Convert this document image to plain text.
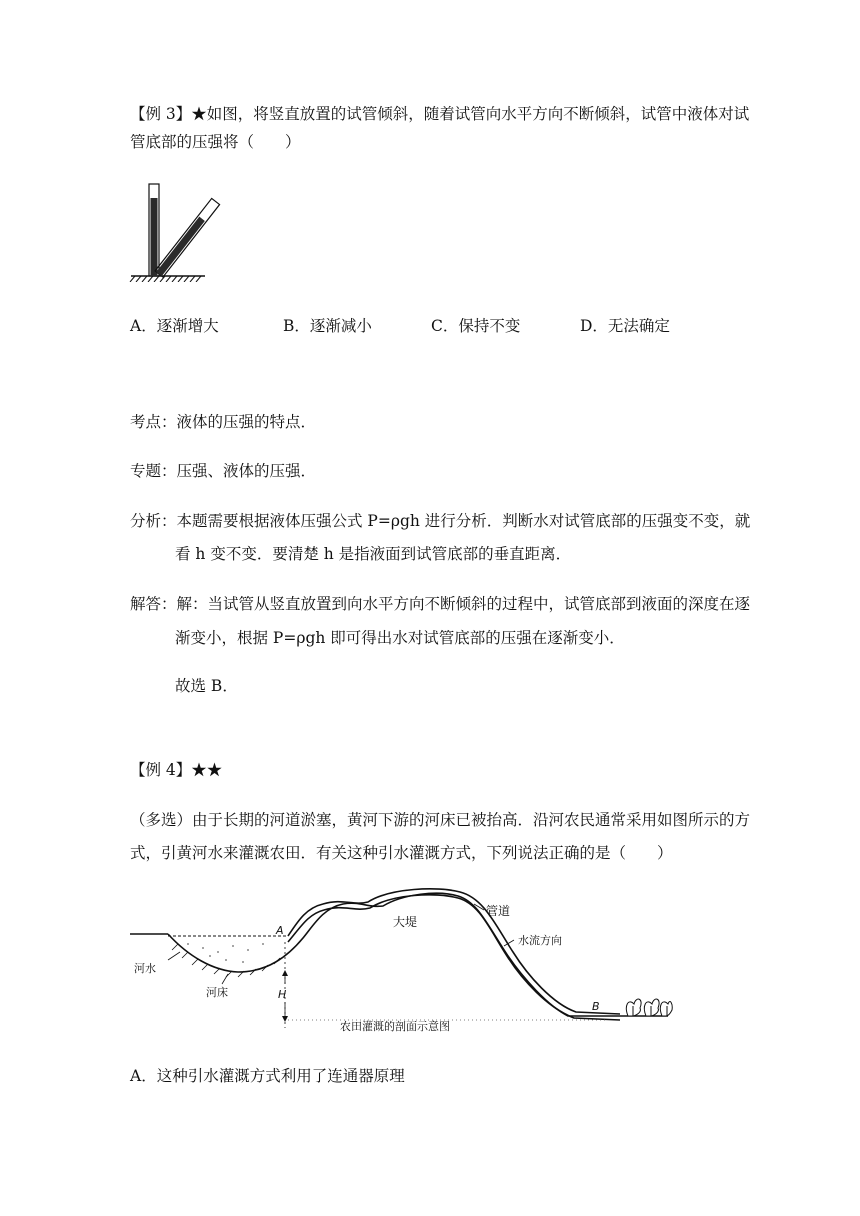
【例 3】★如图，将竖直放置的试管倾斜，随着试管向水平方向不断倾斜，试管中液体对试
管底部的压强将（　　）
A．逐渐增大	B．逐渐减小	C．保持不变	D．无法确定
考点：液体的压强的特点．
专题：压强、液体的压强．
分析：本题需要根据液体压强公式 P=ρgh 进行分析．判断水对试管底部的压强变不变，就
看 h 变不变．要清楚 h 是指液面到试管底部的垂直距离．
解答：解：当试管从竖直放置到向水平方向不断倾斜的过程中，试管底部到液面的深度在逐
渐变小，根据 P=ρgh 即可得出水对试管底部的压强在逐渐变小．
故选 B．
【例 4】★★
（多选）由于长期的河道淤塞，黄河下游的河床已被抬高．沿河农民通常采用如图所示的方
式，引黄河水来灌溉农田．有关这种引水灌溉方式，下列说法正确的是（　　）
管道
大堤
A
水流方向
河水
河床	H
B
农田灌溉的剖面示意图
A．这种引水灌溉方式利用了连通器原理
